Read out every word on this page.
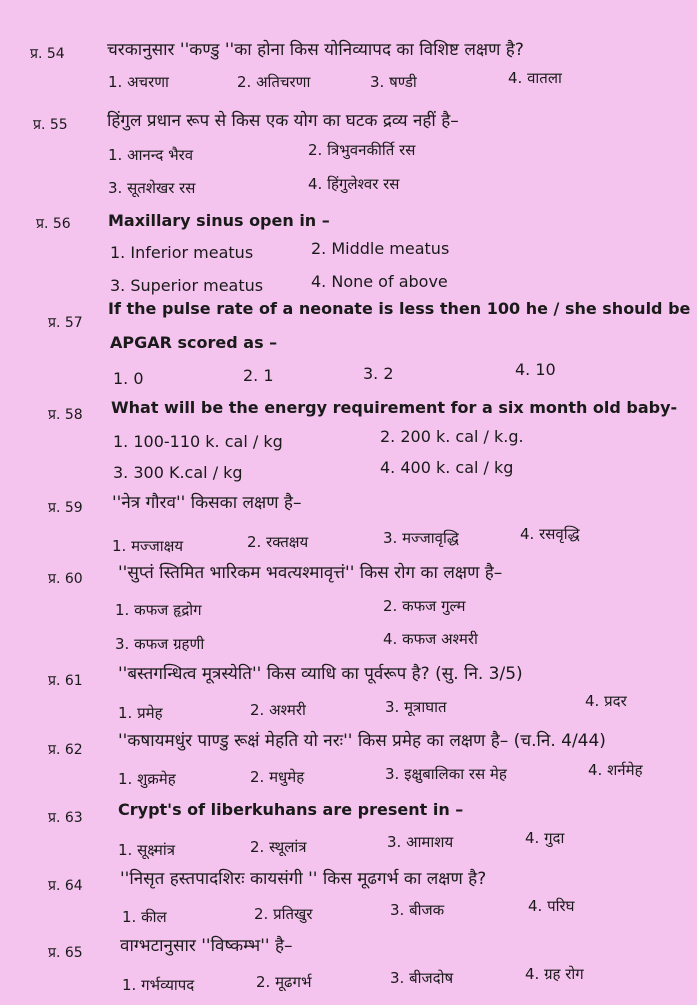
प्र. 54 चरकानुसार ''कण्डु ''का होना किस योनिव्यापद का विशिष्ट लक्षण है?
1. अचरणा	2. अतिचरणा	3. षण्डी	4. वातला
प्र. 55 हिंगुल प्रधान रूप से किस एक योग का घटक द्रव्य नहीं है–
1. आनन्द भैरव	2. त्रिभुवनकीर्ति रस
3. सूतशेखर रस	4. हिंगुलेश्वर रस
प्र. 56 Maxillary sinus open in –
1. Inferior meatus	2. Middle meatus
3. Superior meatus	4. None of above
प्र. 57
If the pulse rate of a neonate is less then 100 he / she should be
APGAR scored as –
1. 0	2. 1	3. 2	4. 10
प्र. 58 What will be the energy requirement for a six month old baby-
1. 100-110 k. cal / kg	2. 200 k. cal / k.g.
3. 300 K.cal / kg	4. 400 k. cal / kg
प्र. 59 ''नेत्र गौरव'' किसका लक्षण है–
1. मज्जाक्षय	2. रक्तक्षय	3. मज्जावृद्धि	4. रसवृद्धि
प्र. 60 ''सुप्तं स्तिमित भारिकम भवत्यश्मावृत्तं'' किस रोग का लक्षण है–
1. कफज हृद्रोग	2. कफज गुल्म
3. कफज ग्रहणी	4. कफज अश्मरी
प्र. 61 ''बस्तगन्धित्व मूत्रस्येति'' किस व्याधि का पूर्वरूप है? (सु. नि. 3/5)
1. प्रमेह	2. अश्मरी	3. मूत्राघात	4. प्रदर
प्र. 62 ''कषायमधुंर पाण्डु रूक्षं मेहति यो नरः'' किस प्रमेह का लक्षण है– (च.नि. 4/44)
1. शुक्रमेह	2. मधुमेह	3. इक्षुबालिका रस मेह	4. शर्नमेह
प्र. 63 Crypt's of liberkuhans are present in –
1. सूक्ष्मांत्र	2. स्थूलांत्र	3. आमाशय	4. गुदा
प्र. 64 ''निसृत हस्तपादशिरः कायसंगी '' किस मूढगर्भ का लक्षण है?
1. कील	2. प्रतिखुर	3. बीजक	4. परिघ
प्र. 65 वाग्भटानुसार ''विष्कम्भ'' है–
1. गर्भव्यापद	2. मूढगर्भ	3. बीजदोष	4. ग्रह रोग
